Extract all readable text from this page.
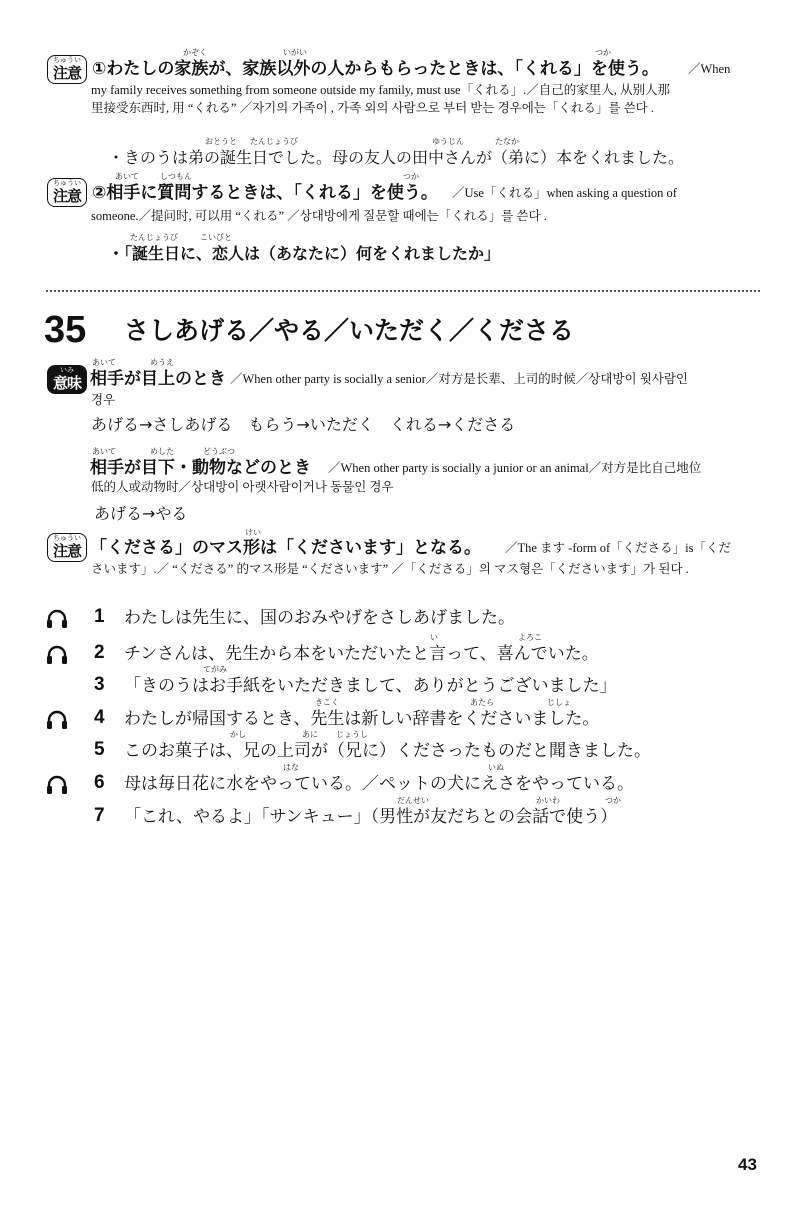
ちゅうい
注意
かぞく	いがい	つか
①わたしの家族が、家族以外の人からもらったときは、「くれる」を使う。 ／When
my family receives something from someone outside my family, must use「くれる」.／自己的家里人, 从别人那
里接受东西时, 用 “くれる” ／자기의 가족이 , 가족 외의 사람으로 부터 받는 경우에는「くれる」를 쓴다 .
おとうと たんじょうび	ゆうじん	たなか
・きのうは弟の誕生日でした。母の友人の田中さんが（弟に）本をくれました。
ちゅうい
注意
あいて	しつもん	つか
②相手に質問するときは、「くれる」を使う。 ／Use「くれる」when asking a question of
someone.／提问时, 可以用 “くれる” ／상대방에게 질문할 때에는「くれる」를 쓴다 .
たんじょうび	こいびと
・「誕生日に、恋人は（あなたに）何をくれましたか」
35 さしあげる／やる／いただく／くださる
いみ
意味
あいて	めうえ
相手が目上のとき ／When other party is socially a senior／对方是长辈、上司的时候／상대방이 윗사람인
경우
あげる→さしあげる　もらう→いただく　くれる→くださる
あいて	めした	どうぶつ
相手が目下・動物などのとき ／When other party is socially a junior or an animal／对方是比自己地位
低的人或动物时／상대방이 아랫사람이거나 동물인 경우
あげる→やる
ちゅうい
注意
けい
「くださる」のマス形は「くださいます」となる。 ／The ます -form of「くださる」is「くだ
さいます」.／ “くださる” 的マス形是 “くださいます” ／「くださる」의 マス형은「くださいます」가 된다 .
1 わたしは先生に、国のおみやげをさしあげました。
2 チンさんは、先生から本をいただいたと言って、喜んでいた。
い	よろこ
3 「きのうはお手紙をいただきまして、ありがとうございました」
てがみ
4 わたしが帰国するとき、先生は新しい辞書をくださいました。
きこく	あたら	じしょ
5 このお菓子は、兄の上司が（兄に）くださったものだと聞きました。
かし	あに じょうし
6 母は毎日花に水をやっている。／ペットの犬にえさをやっている。
はな	いぬ
7 「これ、やるよ」「サンキュー」（男性が友だちとの会話で使う）
だんせい	かいわ	つか
43
